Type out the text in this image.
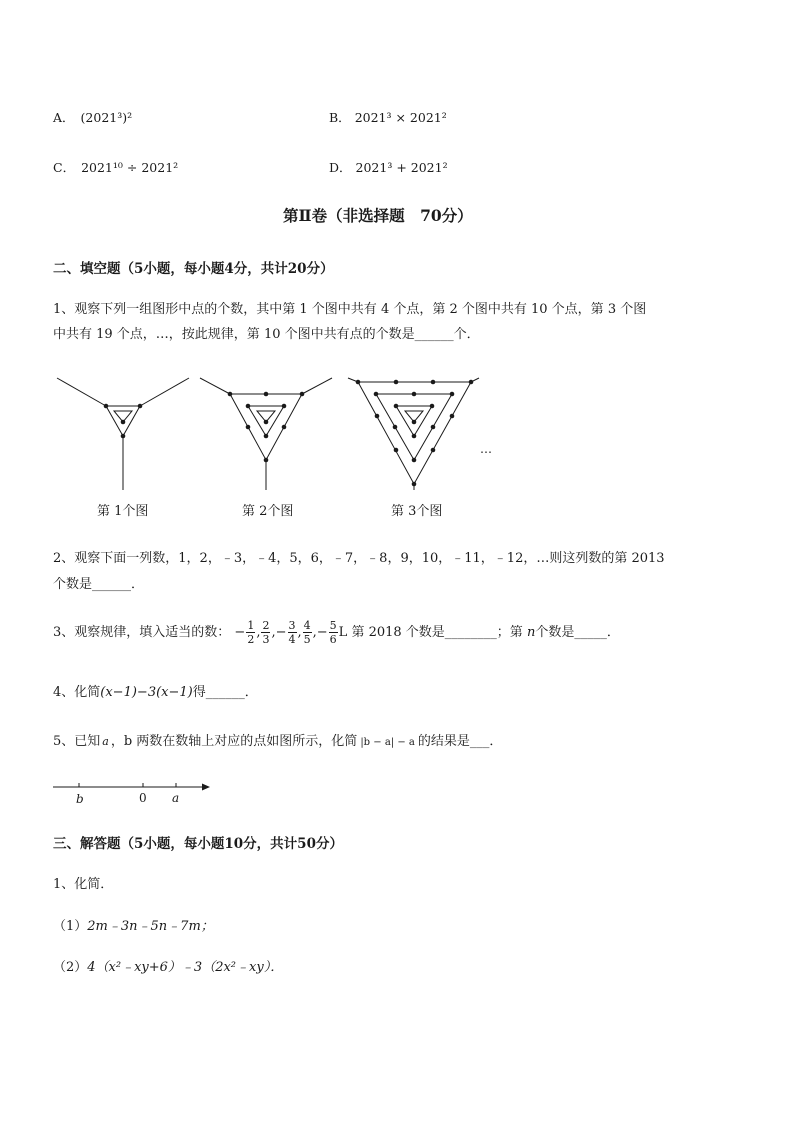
A． (2021³)²	B． 2021³ × 2021²
C． 2021¹⁰ ÷ 2021²	D． 2021³ + 2021²
第Ⅱ卷（非选择题　70分）
二、填空题（5小题，每小题4分，共计20分）
1、观察下列一组图形中点的个数，其中第 1 个图中共有 4 个点，第 2 个图中共有 10 个点，第 3 个图
中共有 19 个点，…，按此规律，第 10 个图中共有点的个数是______个．
…
第 1个图	第 2个图	第 3个图
2、观察下面一列数，1，2，﹣3，﹣4，5，6，﹣7，﹣8，9，10，﹣11，﹣12，…则这列数的第 2013
个数是______．
3、观察规律，填入适当的数： − $\frac{1}{2}$ , $\frac{2}{3}$ ,− $\frac{3}{4}$ , $\frac{4}{5}$ ,− $\frac{5}{6}$ L 第 2018 个数是________；第 n个数是_____．
4、化简(x−1)−3(x−1)得______．
5、已知 a ，b 两数在数轴上对应的点如图所示，化简 |b − a| − a 的结果是___．
b	0 a
三、解答题（5小题，每小题10分，共计50分）
1、化简．
（1）2m﹣3n﹣5n﹣7m；
（2）4（x²﹣xy+6）﹣3（2x²﹣xy）．
